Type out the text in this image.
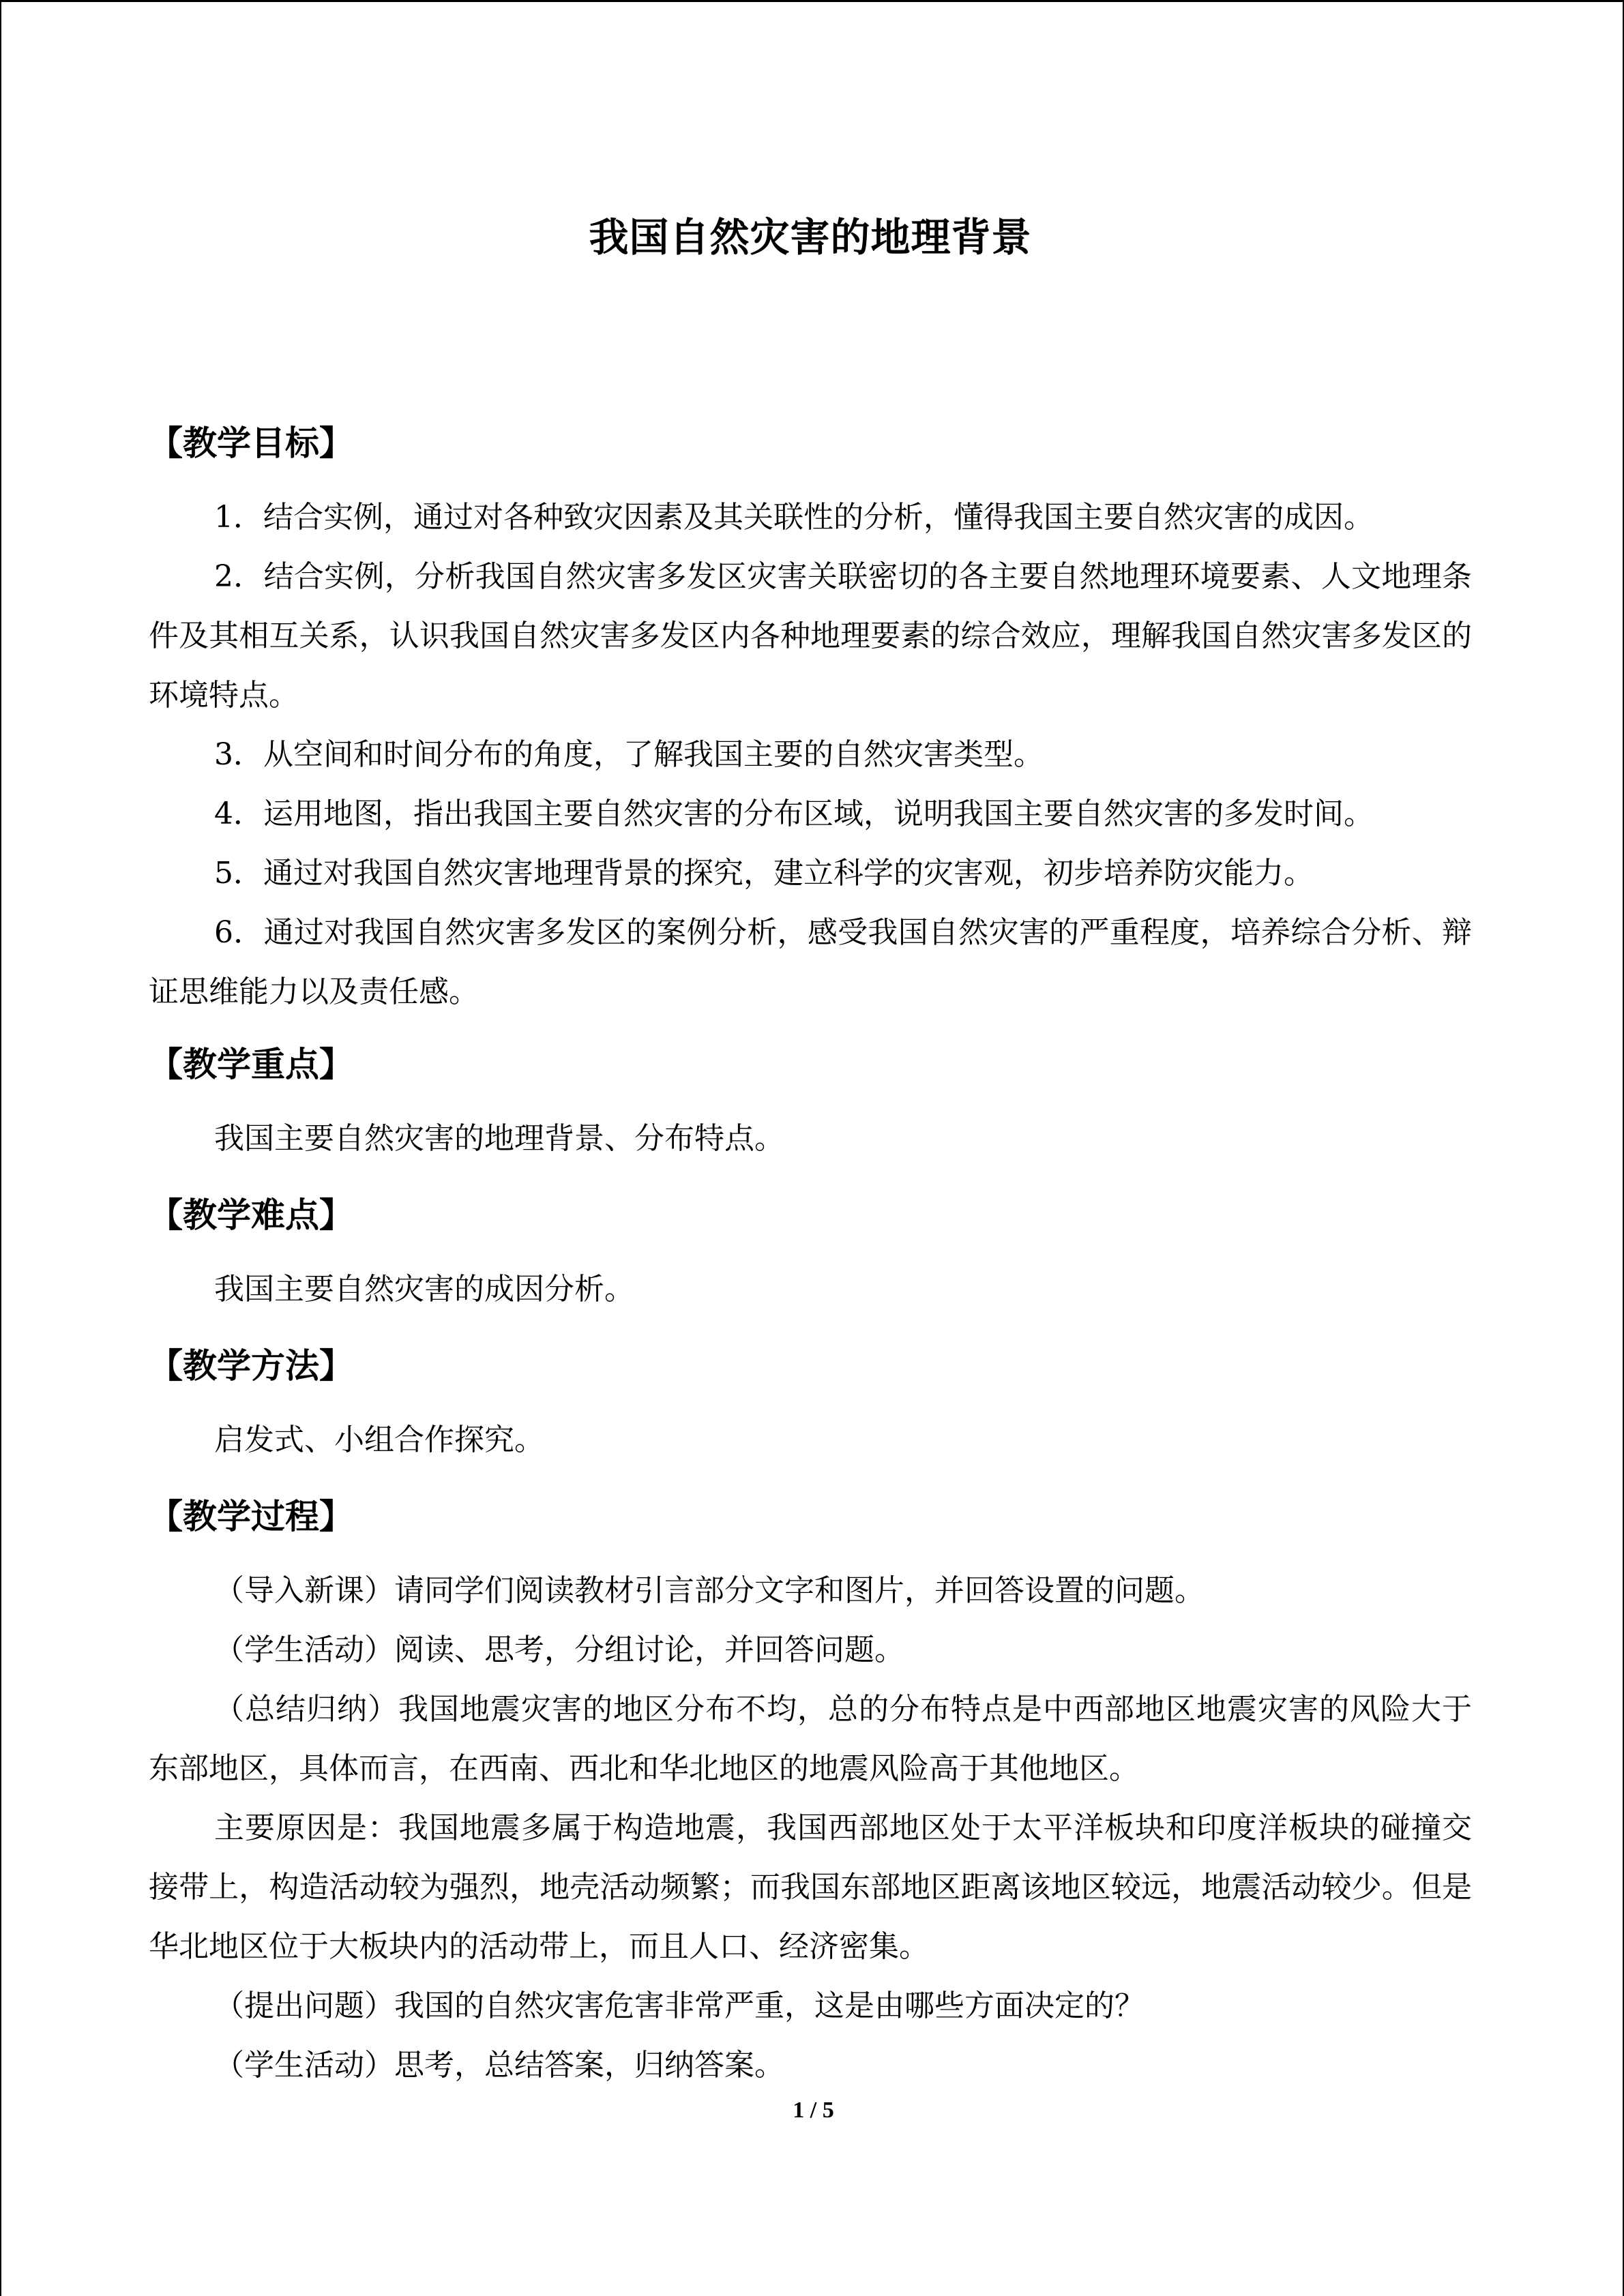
我国自然灾害的地理背景
【教学目标】

1．结合实例，通过对各种致灾因素及其关联性的分析，懂得我国主要自然灾害的成因。

2．结合实例，分析我国自然灾害多发区灾害关联密切的各主要自然地理环境要素、人文地理条件及其相互关系，认识我国自然灾害多发区内各种地理要素的综合效应，理解我国自然灾害多发区的环境特点。

3．从空间和时间分布的角度，了解我国主要的自然灾害类型。

4．运用地图，指出我国主要自然灾害的分布区域，说明我国主要自然灾害的多发时间。

5．通过对我国自然灾害地理背景的探究，建立科学的灾害观，初步培养防灾能力。

6．通过对我国自然灾害多发区的案例分析，感受我国自然灾害的严重程度，培养综合分析、辩证思维能力以及责任感。

【教学重点】

我国主要自然灾害的地理背景、分布特点。

【教学难点】

我国主要自然灾害的成因分析。

【教学方法】

启发式、小组合作探究。

【教学过程】

（导入新课）请同学们阅读教材引言部分文字和图片，并回答设置的问题。

（学生活动）阅读、思考，分组讨论，并回答问题。

（总结归纳）我国地震灾害的地区分布不均，总的分布特点是中西部地区地震灾害的风险大于东部地区，具体而言，在西南、西北和华北地区的地震风险高于其他地区。

主要原因是：我国地震多属于构造地震，我国西部地区处于太平洋板块和印度洋板块的碰撞交接带上，构造活动较为强烈，地壳活动频繁；而我国东部地区距离该地区较远，地震活动较少。但是华北地区位于大板块内的活动带上，而且人口、经济密集。

（提出问题）我国的自然灾害危害非常严重，这是由哪些方面决定的？

（学生活动）思考，总结答案，归纳答案。

1 / 5
